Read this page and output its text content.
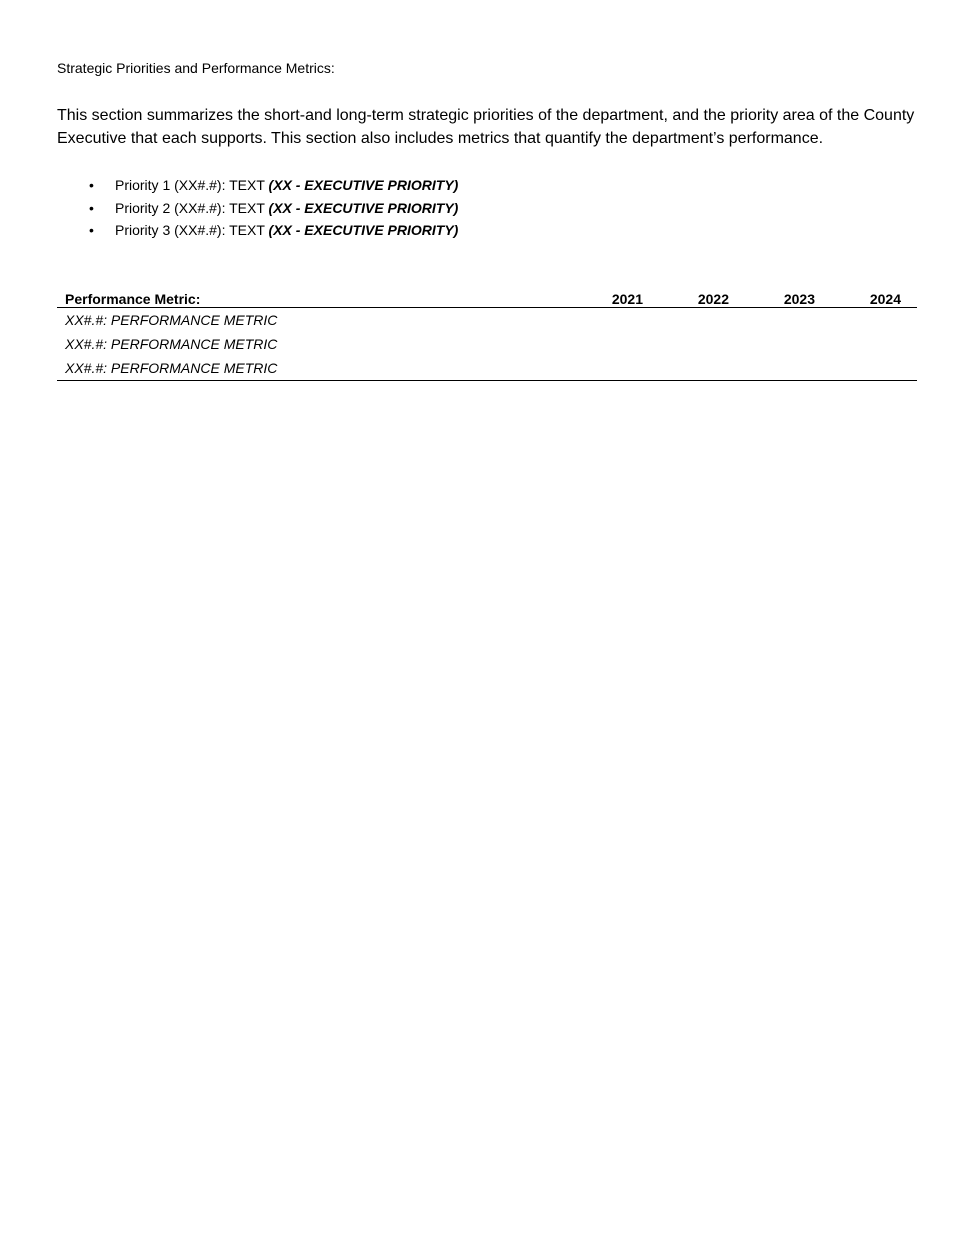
Strategic Priorities and Performance Metrics:

This section summarizes the short-and long-term strategic priorities of the department, and the priority area of the County Executive that each supports. This section also includes metrics that quantify the department’s performance.

• Priority 1 (XX#.#): TEXT (XX - EXECUTIVE PRIORITY)
• Priority 2 (XX#.#): TEXT (XX - EXECUTIVE PRIORITY)
• Priority 3 (XX#.#): TEXT (XX - EXECUTIVE PRIORITY)
Performance Metric:	2021	2022	2023	2024
XX#.#: PERFORMANCE METRIC				
XX#.#: PERFORMANCE METRIC				
XX#.#: PERFORMANCE METRIC				
